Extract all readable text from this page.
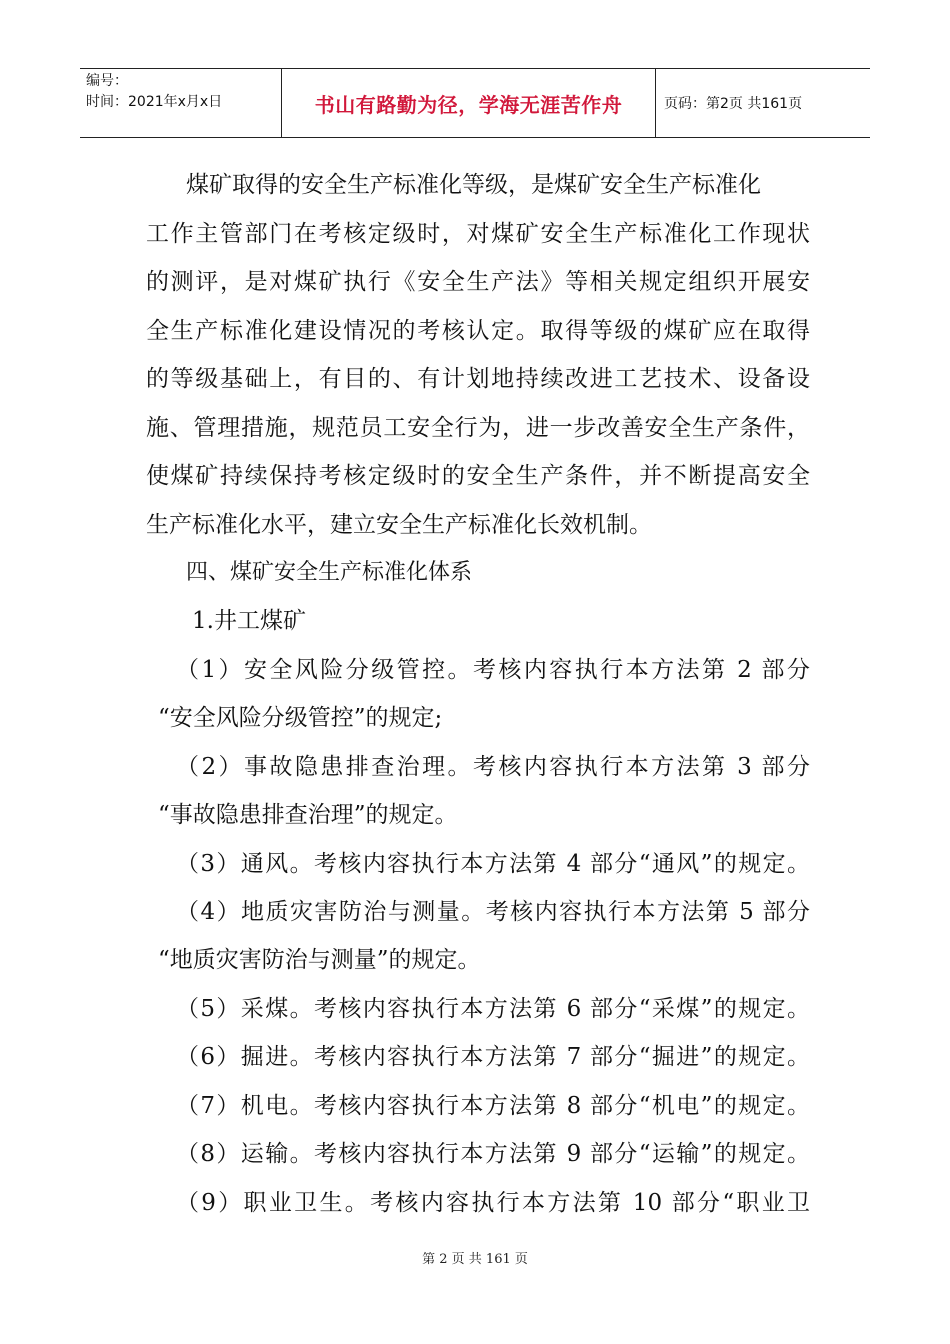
编号：
时间：2021年x月x日	书山有路勤为径，学海无涯苦作舟	页码：第2页 共161页
煤矿取得的安全生产标准化等级，是煤矿安全生产标准化
工作主管部门在考核定级时，对煤矿安全生产标准化工作现状
的测评，是对煤矿执行《安全生产法》等相关规定组织开展安
全生产标准化建设情况的考核认定。取得等级的煤矿应在取得
的等级基础上，有目的、有计划地持续改进工艺技术、设备设
施、管理措施，规范员工安全行为，进一步改善安全生产条件，
使煤矿持续保持考核定级时的安全生产条件，并不断提高安全
生产标准化水平，建立安全生产标准化长效机制。
四、煤矿安全生产标准化体系
1.井工煤矿
（1）安全风险分级管控。考核内容执行本方法第 2 部分
“安全风险分级管控”的规定;
（2）事故隐患排查治理。考核内容执行本方法第 3 部分
“事故隐患排查治理”的规定。
（3）通风。考核内容执行本方法第 4 部分“通风”的规定。
（4）地质灾害防治与测量。考核内容执行本方法第 5 部分
“地质灾害防治与测量”的规定。
（5）采煤。考核内容执行本方法第 6 部分“采煤”的规定。
（6）掘进。考核内容执行本方法第 7 部分“掘进”的规定。
（7）机电。考核内容执行本方法第 8 部分“机电”的规定。
（8）运输。考核内容执行本方法第 9 部分“运输”的规定。
（9）职业卫生。考核内容执行本方法第 10 部分“职业卫
第 2 页 共 161 页
